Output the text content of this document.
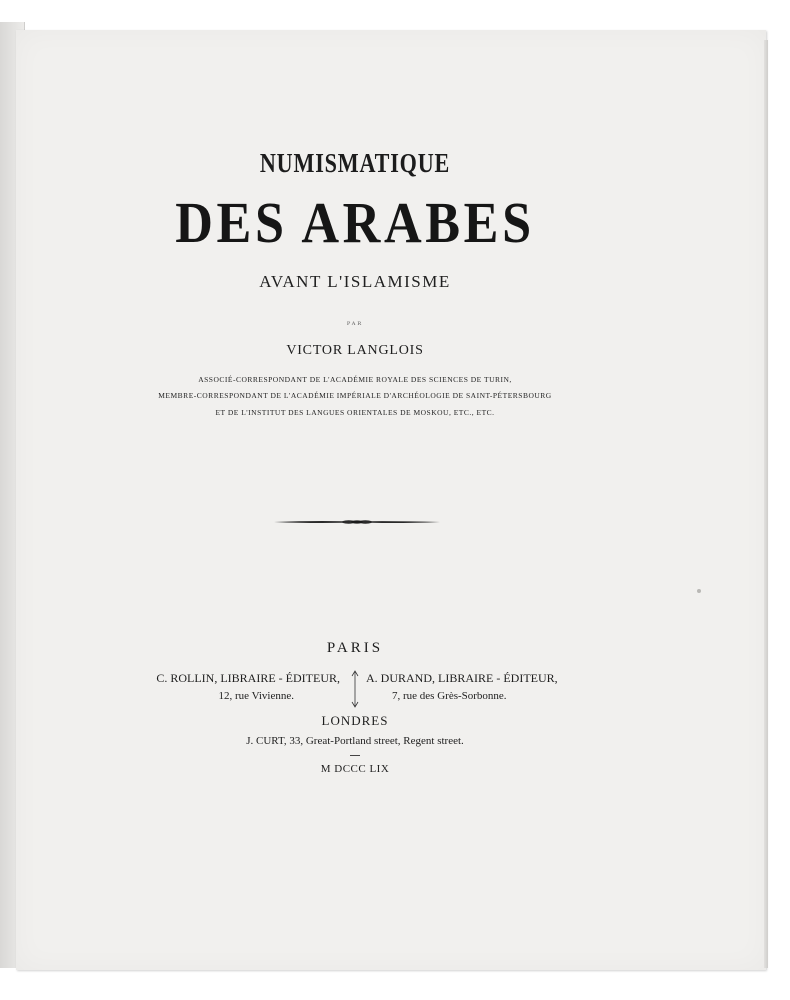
NUMISMATIQUE
DES ARABES
AVANT L'ISLAMISME
PAR
VICTOR LANGLOIS
ASSOCIÉ-CORRESPONDANT DE L'ACADÉMIE ROYALE DES SCIENCES DE TURIN,
MEMBRE-CORRESPONDANT DE L'ACADÉMIE IMPÉRIALE D'ARCHÉOLOGIE DE SAINT-PÉTERSBOURG
ET DE L'INSTITUT DES LANGUES ORIENTALES DE MOSKOU, ETC., ETC.
PARIS
C. ROLLIN, LIBRAIRE - ÉDITEUR,
12, rue Vivienne.
A. DURAND, LIBRAIRE - ÉDITEUR,
7, rue des Grès-Sorbonne.
LONDRES
J. CURT, 33, Great-Portland street, Regent street.
M DCCC LIX
